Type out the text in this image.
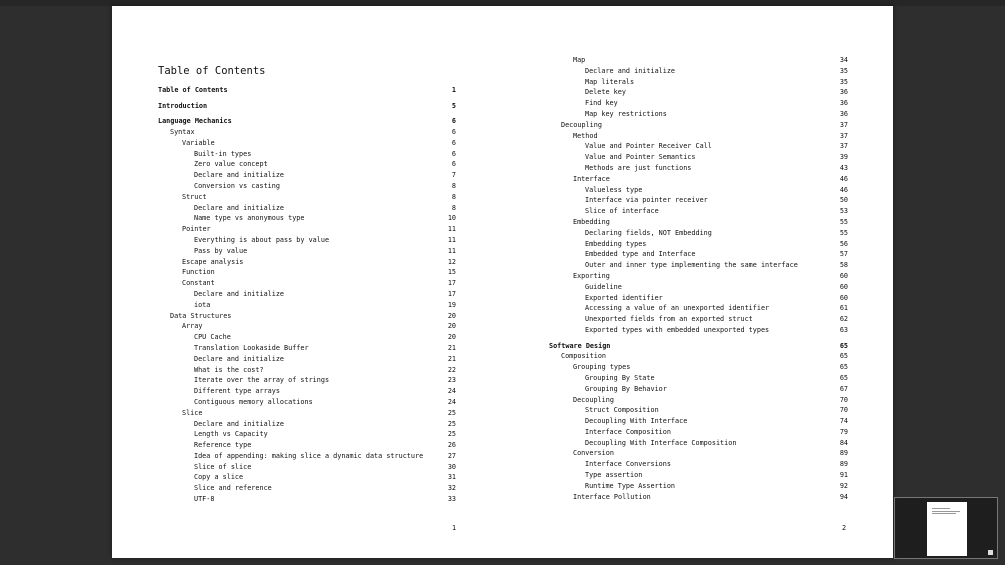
Table of Contents
Table of Contents	1
Introduction	5
Language Mechanics	6
Syntax	6
Variable	6
Built-in types	6
Zero value concept	6
Declare and initialize	7
Conversion vs casting	8
Struct	8
Declare and initialize	8
Name type vs anonymous type	10
Pointer	11
Everything is about pass by value	11
Pass by value	11
Escape analysis	12
Function	15
Constant	17
Declare and initialize	17
iota	19
Data Structures	20
Array	20
CPU Cache	20
Translation Lookaside Buffer	21
Declare and initialize	21
What is the cost?	22
Iterate over the array of strings	23
Different type arrays	24
Contiguous memory allocations	24
Slice	25
Declare and initialize	25
Length vs Capacity	25
Reference type	26
Idea of appending: making slice a dynamic data structure	27
Slice of slice	30
Copy a slice	31
Slice and reference	32
UTF-8	33
1
Map	34
Declare and initialize	35
Map literals	35
Delete key	36
Find key	36
Map key restrictions	36
Decoupling	37
Method	37
Value and Pointer Receiver Call	37
Value and Pointer Semantics	39
Methods are just functions	43
Interface	46
Valueless type	46
Interface via pointer receiver	50
Slice of interface	53
Embedding	55
Declaring fields, NOT Embedding	55
Embedding types	56
Embedded type and Interface	57
Outer and inner type implementing the same interface	58
Exporting	60
Guideline	60
Exported identifier	60
Accessing a value of an unexported identifier	61
Unexported fields from an exported struct	62
Exported types with embedded unexported types	63
Software Design	65
Composition	65
Grouping types	65
Grouping By State	65
Grouping By Behavior	67
Decoupling	70
Struct Composition	70
Decoupling With Interface	74
Interface Composition	79
Decoupling With Interface Composition	84
Conversion	89
Interface Conversions	89
Type assertion	91
Runtime Type Assertion	92
Interface Pollution	94
2
